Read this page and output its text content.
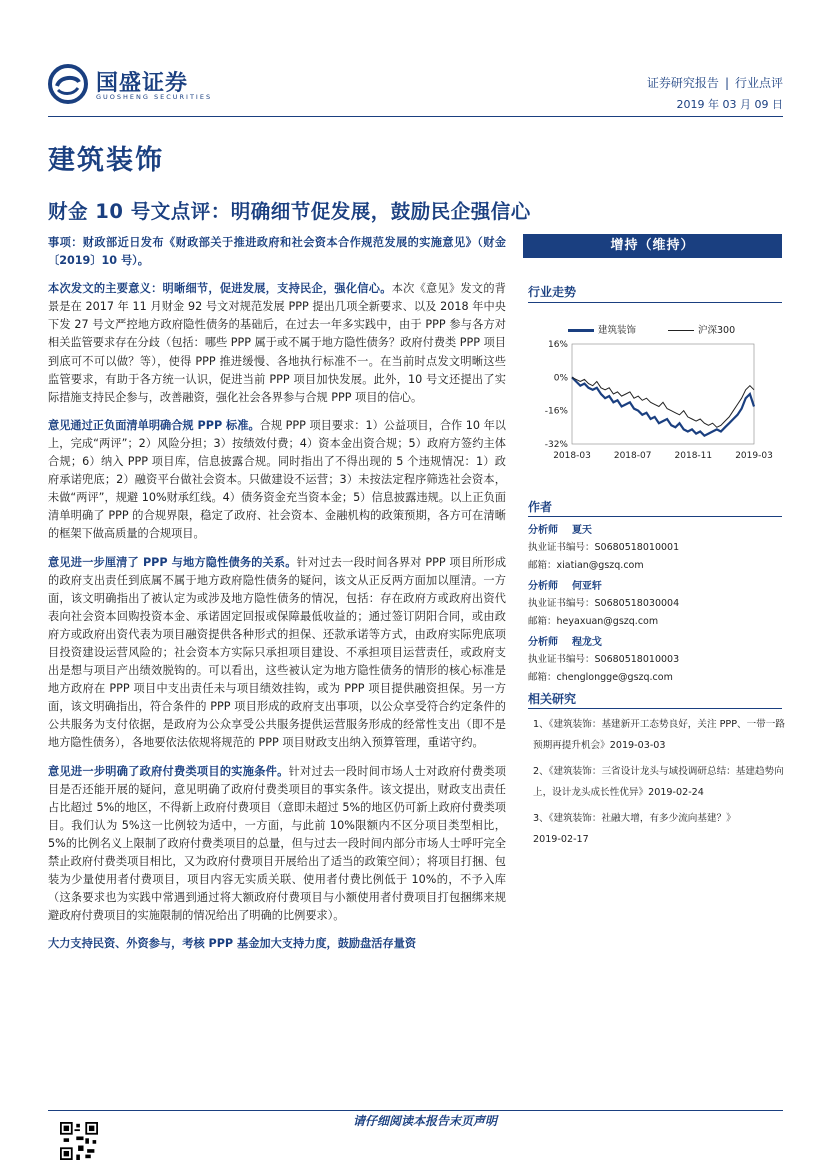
国盛证券
GUOSHENG SECURITIES
证券研究报告 | 行业点评
2019 年 03 月 09 日
建筑装饰
财金 10 号文点评：明确细节促发展，鼓励民企强信心

事项：财政部近日发布《财政部关于推进政府和社会资本合作规范发展的实施意见》（财金〔2019〕10 号）。

本次发文的主要意义：明晰细节，促进发展，支持民企，强化信心。本次《意见》发文的背景是在 2017 年 11 月财金 92 号文对规范发展 PPP 提出几项全新要求、以及 2018 年中央下发 27 号文严控地方政府隐性债务的基础后，在过去一年多实践中，由于 PPP 参与各方对相关监管要求存在分歧（包括：哪些 PPP 属于或不属于地方隐性债务？政府付费类 PPP 项目到底可不可以做？等），使得 PPP 推进缓慢、各地执行标准不一。在当前时点发文明晰这些监管要求，有助于各方统一认识，促进当前 PPP 项目加快发展。此外，10 号文还提出了实际措施支持民企参与，改善融资，强化社会各界参与合规 PPP 项目的信心。

意见通过正负面清单明确合规 PPP 标准。合规 PPP 项目要求：1）公益项目，合作 10 年以上，完成“两评”；2）风险分担；3）按绩效付费；4）资本金出资合规；5）政府方签约主体合规；6）纳入 PPP 项目库，信息披露合规。同时指出了不得出现的 5 个违规情况：1）政府承诺兜底；2）融资平台做社会资本。只做建设不运营；3）未按法定程序筛选社会资本，未做“两评”，规避 10%财承红线。4）债务资金充当资本金；5）信息披露违规。以上正负面清单明确了 PPP 的合规界限，稳定了政府、社会资本、金融机构的政策预期，各方可在清晰的框架下做高质量的合规项目。

意见进一步厘清了 PPP 与地方隐性债务的关系。针对过去一段时间各界对 PPP 项目所形成的政府支出责任到底属不属于地方政府隐性债务的疑问，该文从正反两方面加以厘清。一方面，该文明确指出了被认定为或涉及地方隐性债务的情况，包括：存在政府方或政府出资代表向社会资本回购投资本金、承诺固定回报或保障最低收益的；通过签订阴阳合同，或由政府方或政府出资代表为项目融资提供各种形式的担保、还款承诺等方式，由政府实际兜底项目投资建设运营风险的；社会资本方实际只承担项目建设、不承担项目运营责任，或政府支出是想与项目产出绩效脱钩的。可以看出，这些被认定为地方隐性债务的情形的核心标准是地方政府在 PPP 项目中支出责任未与项目绩效挂钩，或为 PPP 项目提供融资担保。另一方面，该文明确指出，符合条件的 PPP 项目形成的政府支出事项，以公众享受符合约定条件的公共服务为支付依据，是政府为公众享受公共服务提供运营服务形成的经常性支出（即不是地方隐性债务），各地要依法依规将规范的 PPP 项目财政支出纳入预算管理，重诺守约。

意见进一步明确了政府付费类项目的实施条件。针对过去一段时间市场人士对政府付费类项目是否还能开展的疑问，意见明确了政府付费类项目的事实条件。该文提出，财政支出责任占比超过 5%的地区，不得新上政府付费项目（意即未超过 5%的地区仍可新上政府付费类项目。我们认为 5%这一比例较为适中，一方面，与此前 10%限额内不区分项目类型相比，5%的比例名义上限制了政府付费类项目的总量，但与过去一段时间内部分市场人士呼吁完全禁止政府付费类项目相比，又为政府付费项目开展给出了适当的政策空间）；将项目打捆、包装为少量使用者付费项目，项目内容无实质关联、使用者付费比例低于 10%的，不予入库（这条要求也为实践中常遇到通过将大额政府付费项目与小额使用者付费项目打包捆绑来规避政府付费项目的实施限制的情况给出了明确的比例要求）。

大力支持民资、外资参与，考核 PPP 基金加大支持力度，鼓励盘活存量资

增持（维持）
行业走势
建筑装饰	沪深300
16%
0%
-16%
-32%
2018-03	2018-07	2018-11	2019-03
作者
分析师 夏天
执业证书编号：S0680518010001
邮箱：xiatian@gszq.com
分析师 何亚轩
执业证书编号：S0680518030004
邮箱：heyaxuan@gszq.com
分析师 程龙戈
执业证书编号：S0680518010003
邮箱：chenglongge@gszq.com
相关研究
1、《建筑装饰：基建新开工态势良好，关注 PPP、一带一路预期再提升机会》2019-03-03
2、《建筑装饰：三省设计龙头与域投调研总结：基建趋势向上，设计龙头成长性优异》2019-02-24
3、《建筑装饰：社融大增，有多少流向基建？》
2019-02-17
请仔细阅读本报告末页声明
